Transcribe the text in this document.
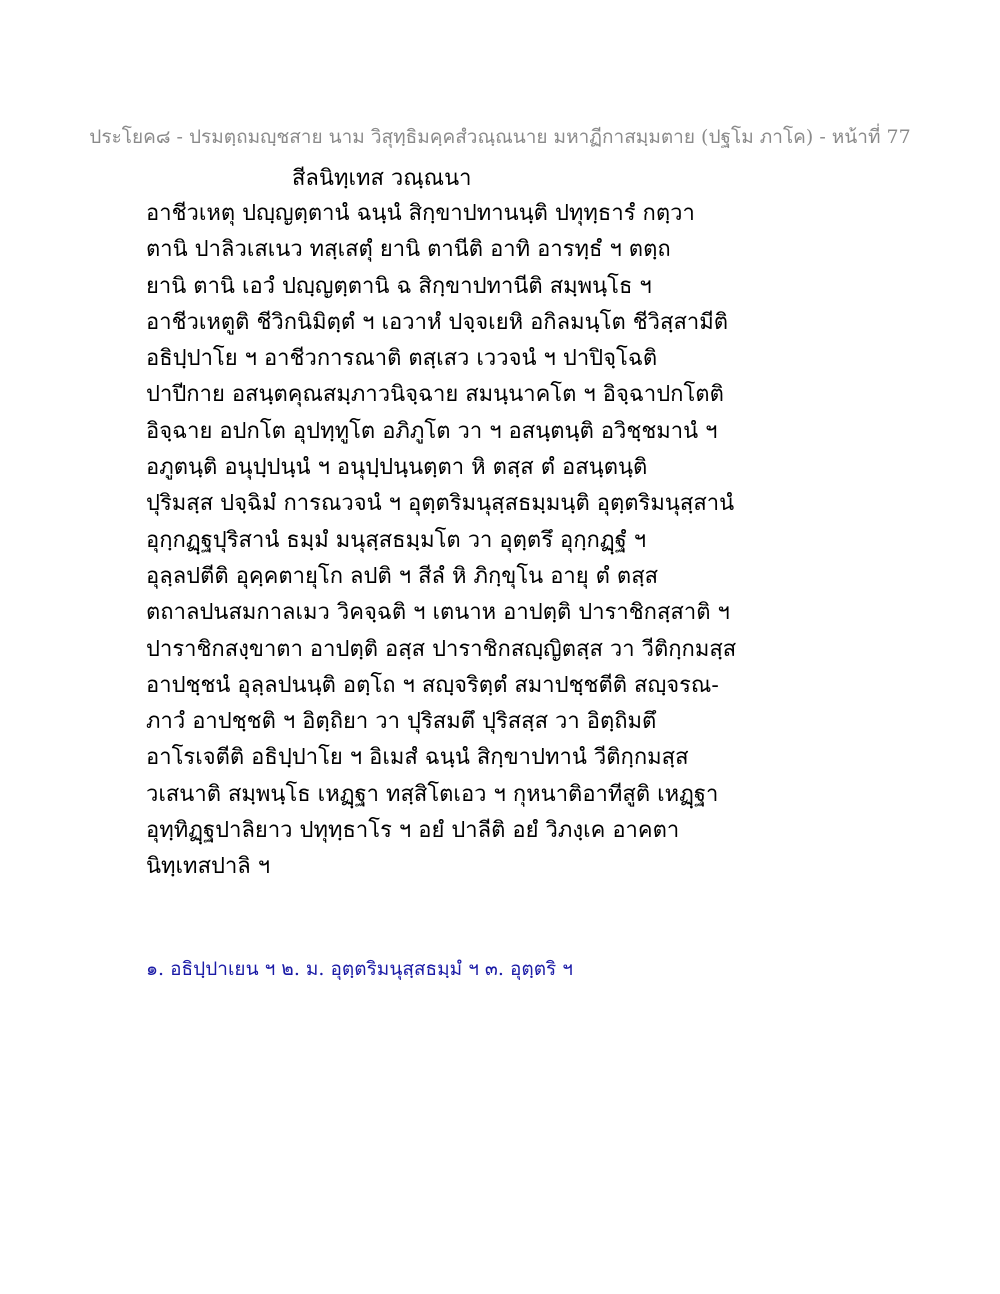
ประโยค๘ - ปรมตฺถมญฺชสาย นาม วิสุทฺธิมคฺคสํวณฺณนาย มหาฏีกาสมฺมตาย (ปฐโม ภาโค) - หน้าที่ 77
สีลนิทฺเทส วณฺณนา
อาชีวเหตุ ปญฺญตฺตานํ ฉนฺนํ สิกฺขาปทานนฺติ ปทุทฺธารํ กตฺวา
ตานิ ปาลิวเสเนว ทสฺเสตุํ ยานิ ตานีติ อาทิ อารทฺธํ ฯ ตตฺถ
ยานิ ตานิ เอวํ ปญฺญตฺตานิ ฉ สิกฺขาปทานีติ สมฺพนฺโธ ฯ
อาชีวเหตูติ ชีวิกนิมิตฺตํ ฯ เอวาหํ ปจฺจเยหิ อกิลมนฺโต ชีวิสฺสามีติ
อธิปฺปาโย ฯ อาชีวการณาติ ตสฺเสว เววจนํ ฯ ปาปิจฺโฉติ
ปาปีกาย อสนฺตคุณสมฺภาวนิจฺฉาย สมนฺนาคโต ฯ อิจฺฉาปกโตติ
อิจฺฉาย อปกโต อุปทฺทูโต อภิภูโต วา ฯ อสนฺตนฺติ อวิชฺชมานํ ฯ
อภูตนฺติ อนุปฺปนฺนํ ฯ อนุปฺปนฺนตฺตา หิ ตสฺส ตํ อสนฺตนฺติ
ปุริมสฺส ปจฺฉิมํ การณวจนํ ฯ อุตฺตริมนุสฺสธมฺมนฺติ อุตฺตริมนุสฺสานํ
อุกฺกฏฺฐปุริสานํ ธมฺมํ มนุสฺสธมฺมโต วา อุตฺตรึ อุกฺกฏฺฐํ ฯ
อุลฺลปตีติ อุคฺคตายุโก ลปติ ฯ สีลํ หิ ภิกฺขุโน อายุ ตํ ตสฺส
ตถาลปนสมกาลเมว วิคจฺฉติ ฯ เตนาห อาปตฺติ ปาราชิกสฺสาติ ฯ
ปาราชิกสงฺขาตา อาปตฺติ อสฺส ปาราชิกสญฺญิตสฺส วา วีติกฺกมสฺส
อาปชฺชนํ อุลฺลปนนฺติ อตฺโถ ฯ สญฺจริตฺตํ สมาปชฺชตีติ สญฺจรณ-
ภาวํ อาปชฺชติ ฯ อิตฺถิยา วา ปุริสมตึ ปุริสสฺส วา อิตฺถิมตึ
อาโรเจตีติ อธิปฺปาโย ฯ อิเมสํ ฉนฺนํ สิกฺขาปทานํ วีติกฺกมสฺส
วเสนาติ สมฺพนฺโธ เหฏฺฐา ทสฺสิโตเอว ฯ กุหนาติอาทีสูติ เหฏฺฐา
อุทฺทิฏฺฐปาลิยาว ปทุทฺธาโร ฯ อยํ ปาลีติ อยํ วิภงฺเค อาคตา
นิทฺเทสปาลิ ฯ
๑. อธิปฺปาเยน ฯ ๒. ม. อุตฺตริมนุสฺสธมฺมํ ฯ ๓. อุตฺตริ ฯ
